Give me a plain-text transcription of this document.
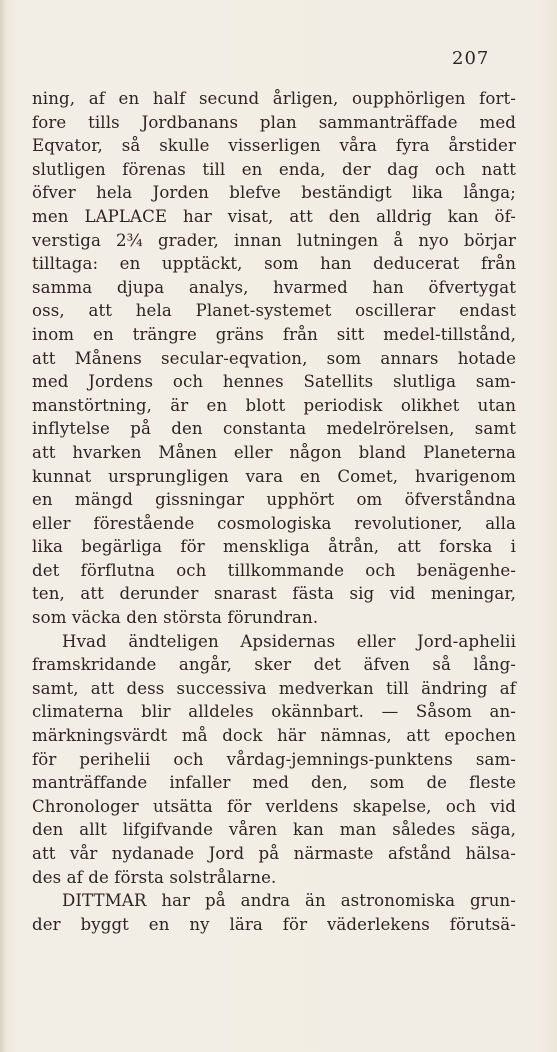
207
ning, af en half secund årligen, oupphörligen fort-
fore tills Jordbanans plan sammanträffade med
Eqvator, så skulle visserligen våra fyra årstider
slutligen förenas till en enda, der dag och natt
öfver hela Jorden blefve beständigt lika långa;
men LAPLACE har visat, att den alldrig kan öf-
verstiga 2¾ grader, innan lutningen å nyo börjar
tilltaga: en upptäckt, som han deducerat från
samma djupa analys, hvarmed han öfvertygat
oss, att hela Planet-systemet oscillerar endast
inom en trängre gräns från sitt medel-tillstånd,
att Månens secular-eqvation, som annars hotade
med Jordens och hennes Satellits slutliga sam-
manstörtning, är en blott periodisk olikhet utan
inflytelse på den constanta medelrörelsen, samt
att hvarken Månen eller någon bland Planeterna
kunnat ursprungligen vara en Comet, hvarigenom
en mängd gissningar upphört om öfverståndna
eller förestående cosmologiska revolutioner, alla
lika begärliga för menskliga åtrån, att forska i
det förflutna och tillkommande och benägenhe-
ten, att derunder snarast fästa sig vid meningar,
som väcka den största förundran.
Hvad ändteligen Apsidernas eller Jord-aphelii
framskridande angår, sker det äfven så lång-
samt, att dess successiva medverkan till ändring af
climaterna blir alldeles okännbart. — Såsom an-
märkningsvärdt må dock här nämnas, att epochen
för perihelii och vårdag-jemnings-punktens sam-
manträffande infaller med den, som de fleste
Chronologer utsätta för verldens skapelse, och vid
den allt lifgifvande våren kan man således säga,
att vår nydanade Jord på närmaste afstånd hälsa-
des af de första solstrålarne.
DITTMAR har på andra än astronomiska grun-
der byggt en ny lära för väderlekens förutsä-
